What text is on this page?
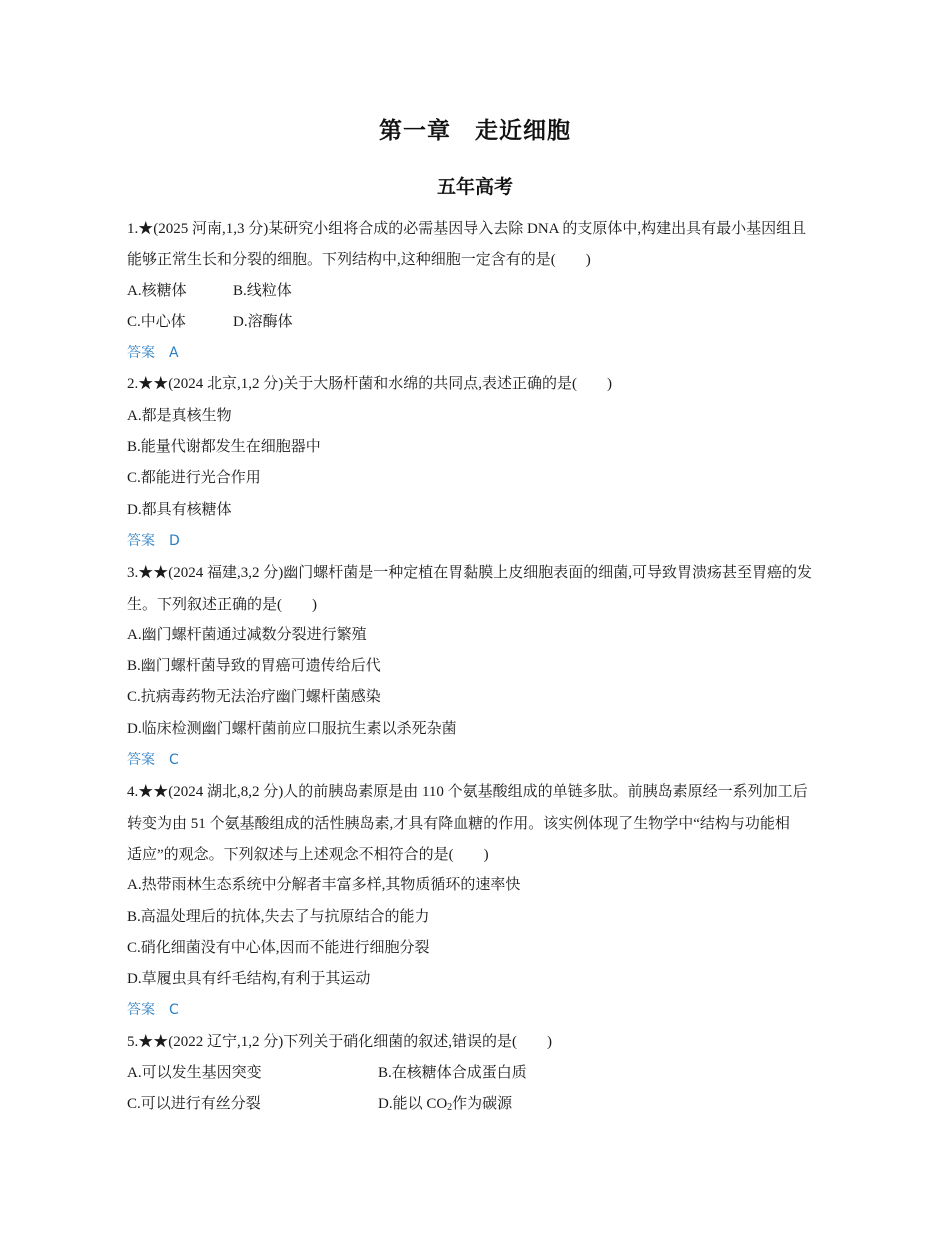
第一章　走近细胞
五年高考
1.★(2025 河南,1,3 分)某研究小组将合成的必需基因导入去除 DNA 的支原体中,构建出具有最小基因组且
能够正常生长和分裂的细胞。下列结构中,这种细胞一定含有的是(　　)
A.核糖体	B.线粒体
C.中心体	D.溶酶体
答案 A
2.★★(2024 北京,1,2 分)关于大肠杆菌和水绵的共同点,表述正确的是(　　)
A.都是真核生物
B.能量代谢都发生在细胞器中
C.都能进行光合作用
D.都具有核糖体
答案 D
3.★★(2024 福建,3,2 分)幽门螺杆菌是一种定植在胃黏膜上皮细胞表面的细菌,可导致胃溃疡甚至胃癌的发
生。下列叙述正确的是(　　)
A.幽门螺杆菌通过减数分裂进行繁殖
B.幽门螺杆菌导致的胃癌可遗传给后代
C.抗病毒药物无法治疗幽门螺杆菌感染
D.临床检测幽门螺杆菌前应口服抗生素以杀死杂菌
答案 C
4.★★(2024 湖北,8,2 分)人的前胰岛素原是由 110 个氨基酸组成的单链多肽。前胰岛素原经一系列加工后
转变为由 51 个氨基酸组成的活性胰岛素,才具有降血糖的作用。该实例体现了生物学中“结构与功能相
适应”的观念。下列叙述与上述观念不相符合的是(　　)
A.热带雨林生态系统中分解者丰富多样,其物质循环的速率快
B.高温处理后的抗体,失去了与抗原结合的能力
C.硝化细菌没有中心体,因而不能进行细胞分裂
D.草履虫具有纤毛结构,有利于其运动
答案 C
5.★★(2022 辽宁,1,2 分)下列关于硝化细菌的叙述,错误的是(　　)
A.可以发生基因突变	B.在核糖体合成蛋白质
C.可以进行有丝分裂	D.能以 $CO_2$作为碳源
